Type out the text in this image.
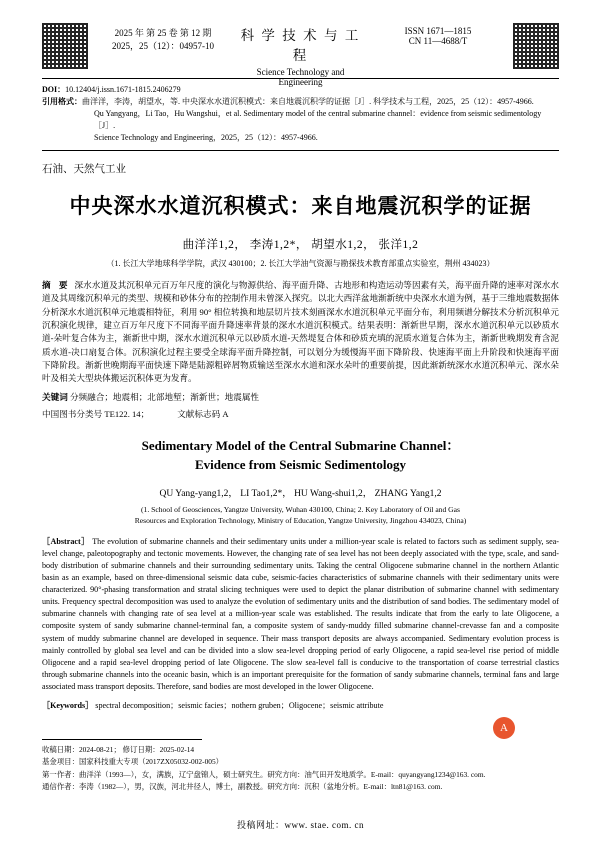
2025 年 第 25 卷 第 12 期
2025，25（12）：04957-10
科 学 技 术 与 工 程
Science Technology and Engineering
ISSN 1671—1815
CN 11—4688/T
DOI：10.12404/j.issn.1671-1815.2406279
引用格式： 曲洋洋，李涛，胡望水，等. 中央深水水道沉积模式：来自地震沉积学的证据［J］. 科学技术与工程，2025，25（12）：4957-4966.
Qu Yangyang，Li Tao，Hu Wangshui，et al. Sedimentary model of the central submarine channel：evidence from seismic sedimentology［J］.
Science Technology and Engineering，2025，25（12）：4957-4966.
石油、天然气工业
中央深水水道沉积模式：来自地震沉积学的证据
曲洋洋1,2， 李涛1,2*， 胡望水1,2， 张洋1,2
（1. 长江大学地球科学学院，武汉 430100；2. 长江大学油气资源与勘探技术教育部重点实验室，荆州 434023）
摘 要 深水水道及其沉积单元百万年尺度的演化与物源供给、海平面升降、古地形和构造运动等因素有关，海平面升降的速率对深水水道及其周缘沉积单元的类型、规模和砂体分布的控制作用未曾深入探究。以北大西洋盆地渐新统中央深水水道为例，基于三维地震数据体分析深水水道沉积单元地震相特征，利用 90° 相位转换和地层切片技术刻画深水水道沉积单元平面分布，利用频谱分解技术分析沉积单元沉积演化规律，建立百万年尺度下不同海平面升降速率背景的深水水道沉积模式。结果表明：渐新世早期，深水水道沉积单元以砂质水道-朵叶复合体为主，渐新世中期，深水水道沉积单元以砂质水道-天然堤复合体和砂质充填的泥质水道复合体为主，渐新世晚期发育含泥质水道-决口扇复合体。沉积演化过程主要受全球海平面升降控制，可以划分为缓慢海平面下降阶段、快速海平面上升阶段和快速海平面下降阶段。渐新世晚期海平面快速下降是陆源粗碎屑物质输送至深水水道和深水朵叶的重要前提，因此渐新统深水水道沉积单元、深水朵叶及相关大型块体搬运沉积体更为发育。
关键词 分频融合；地震相；北部地堑；渐新世；地震属性
中国图书分类号 TE122. 14；	文献标志码 A
Sedimentary Model of the Central Submarine Channel：
Evidence from Seismic Sedimentology
QU Yang-yang1,2， LI Tao1,2*， HU Wang-shui1,2， ZHANG Yang1,2
(1. School of Geosciences, Yangtze University, Wuhan 430100, China; 2. Key Laboratory of Oil and Gas
Resources and Exploration Technology, Ministry of Education, Yangtze University, Jingzhou 434023, China)
［Abstract］ The evolution of submarine channels and their sedimentary units under a million-year scale is related to factors such as sediment supply, sea-level change, paleotopography and tectonic movements. However, the changing rate of sea level has not been deeply associated with the type, scale, and sand-body distribution of submarine channels and their surrounding sedimentary units. Taking the central Oligocene submarine channel in the northern Atlantic basin as an example, based on three-dimensional seismic data cube, seismic-facies characteristics of submarine channels with their sedimentary units were characterized. 90°-phasing transformation and stratal slicing techniques were used to depict the planar distribution of submarine channel with sedimentary units. Frequency spectral decomposition was used to analyze the evolution of sedimentary units and the distribution of sand bodies. The sedimentary model of submarine channels with changing rate of sea level at a million-year scale was established. The results indicate that from the early to late Oligocene, a composite system of sandy submarine channel-terminal fan, a composite system of sandy-muddy filled submarine channel-crevasse fan and a composite system of muddy submarine channel are developed in sequence. Their mass transport deposits are always accompanied. Sedimentary evolution process is mainly controlled by global sea level and can be divided into a slow sea-level dropping period of early Oligocene, a rapid sea-level rise period of middle Oligocene and a rapid sea-level dropping period of late Oligocene. The slow sea-level fall is conducive to the transportation of coarse terrestrial clastics through submarine channels into the oceanic basin, which is an important prerequisite for the formation of sandy submarine channels, terminal fans and large associated mass transport deposits. Therefore, sand bodies are most developed in the lower Oligocene.
［Keywords］ spectral decomposition；seismic facies；nothern gruben；Oligocene；seismic attribute
A
收稿日期：2024-08-21； 修订日期：2025-02-14
基金项目：国家科技重大专项（2017ZX05032-002-005）
第一作者：曲洋洋（1993—），女，满族，辽宁盘锦人，硕士研究生。研究方向：油气田开发地质学。E-mail：quyangyang1234@163. com.
通信作者：李涛（1982—），男，汉族，河北井径人，博士，副教授。研究方向：沉积（盆地分析。E-mail：ltn81@163. com.
投稿网址：www. stae. com. cn
